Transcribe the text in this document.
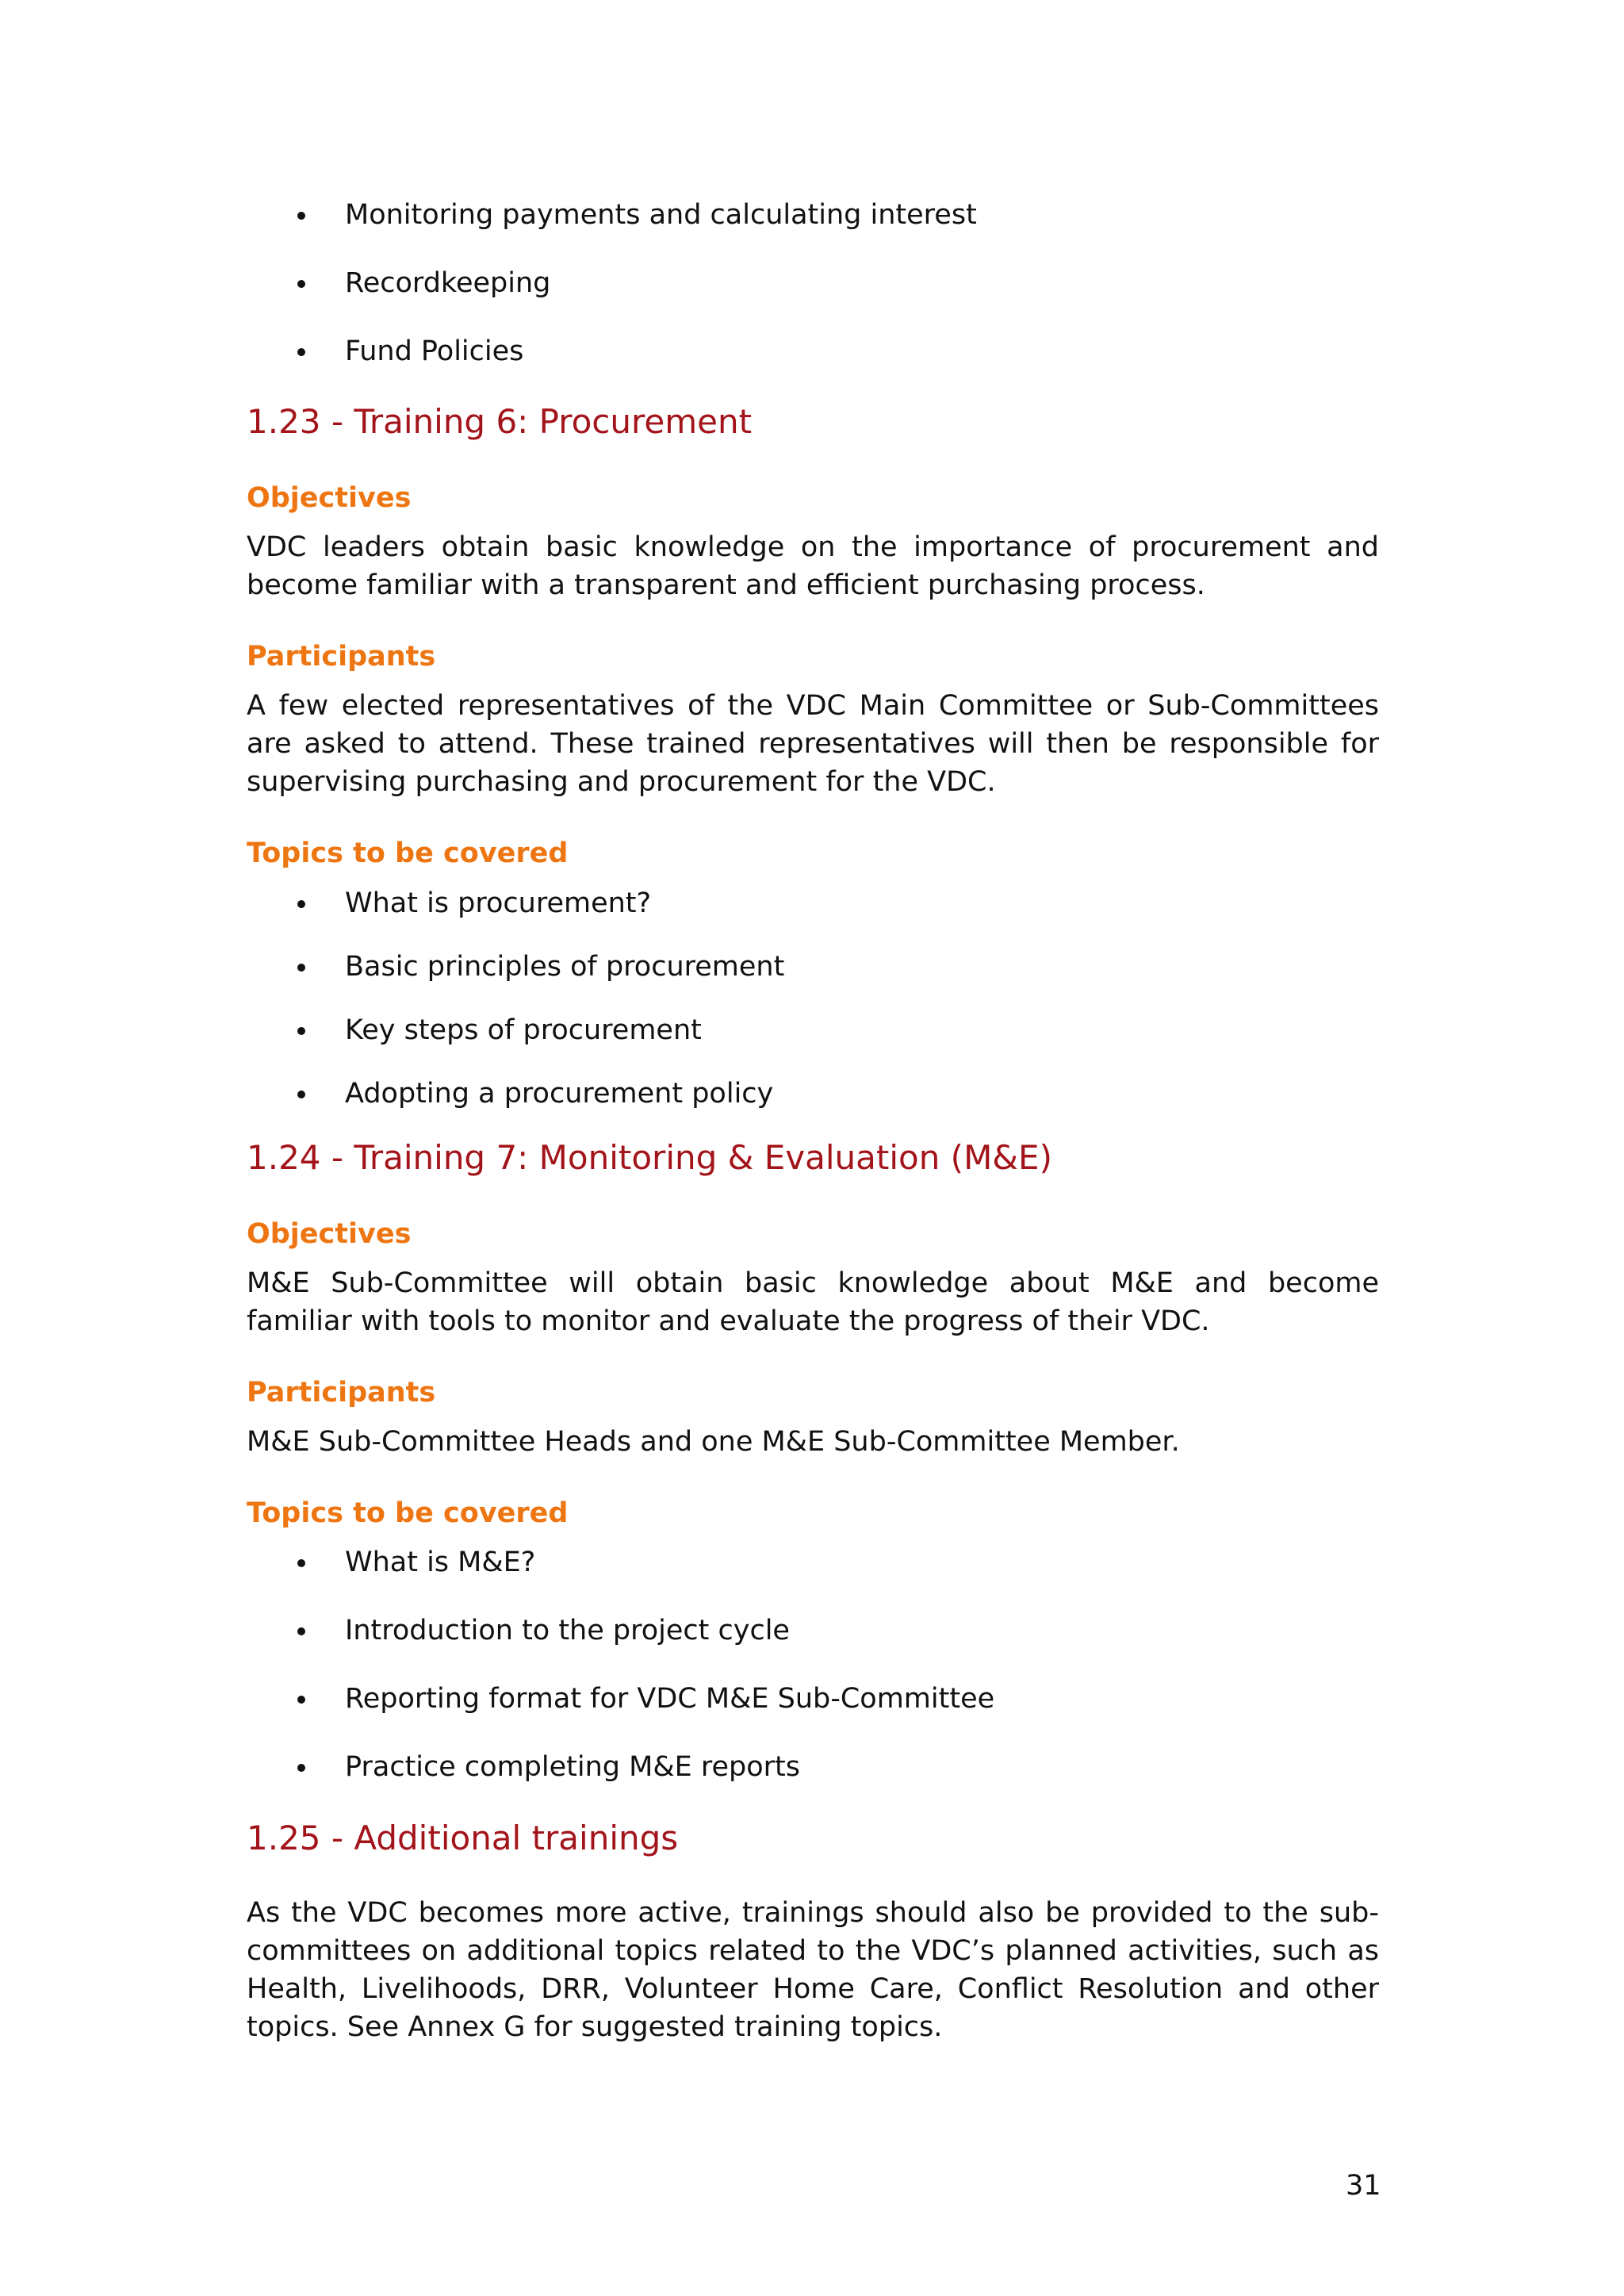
Monitoring payments and calculating interest
Recordkeeping
Fund Policies
1.23 - Training 6: Procurement

Objectives

VDC leaders obtain basic knowledge on the importance of procurement and become familiar with a transparent and efficient purchasing process.

Participants

A few elected representatives of the VDC Main Committee or Sub-Committees are asked to attend. These trained representatives will then be responsible for supervising purchasing and procurement for the VDC.

Topics to be covered

What is procurement?
Basic principles of procurement
Key steps of procurement
Adopting a procurement policy
1.24 - Training 7: Monitoring & Evaluation (M&E)

Objectives

M&E Sub-Committee will obtain basic knowledge about M&E and become familiar with tools to monitor and evaluate the progress of their VDC.

Participants

M&E Sub-Committee Heads and one M&E Sub-Committee Member.

Topics to be covered

What is M&E?
Introduction to the project cycle
Reporting format for VDC M&E Sub-Committee
Practice completing M&E reports
1.25 - Additional trainings

As the VDC becomes more active, trainings should also be provided to the sub-committees on additional topics related to the VDC’s planned activities, such as Health, Livelihoods, DRR, Volunteer Home Care, Conflict Resolution and other topics. See Annex G for suggested training topics.

31
